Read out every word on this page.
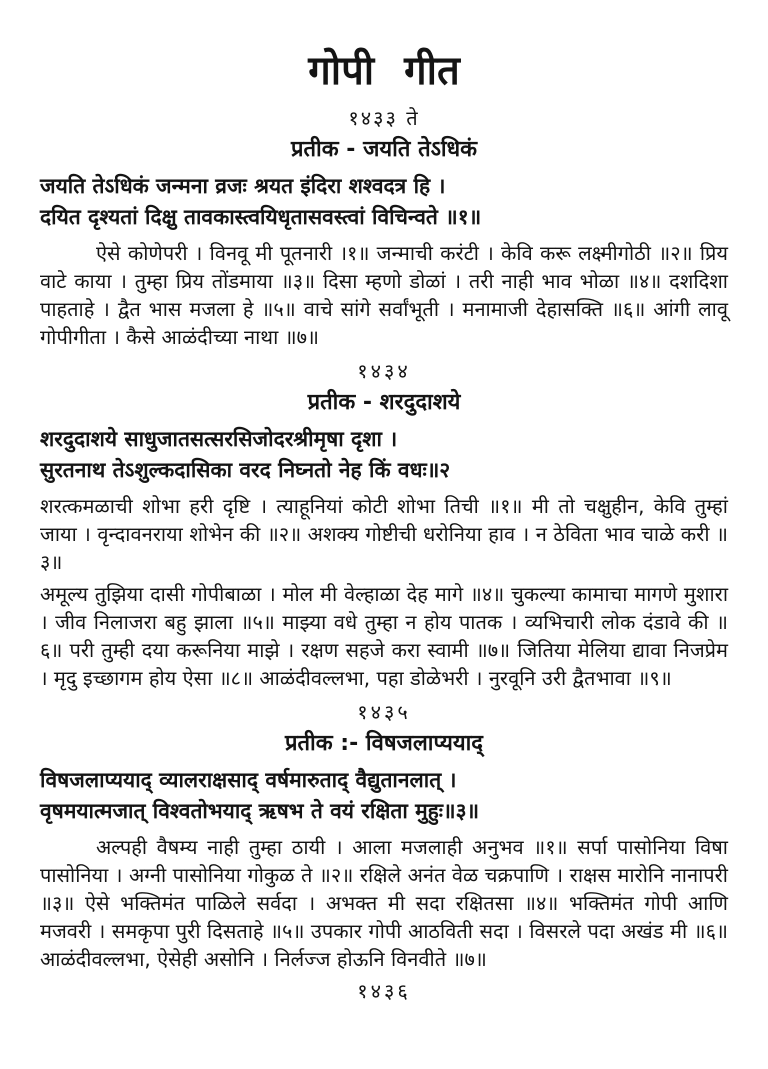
गोपी गीत
१४३३ ते
प्रतीक - जयति तेऽधिकं
जयति तेऽधिकं जन्मना व्रजः श्रयत इंदिरा शश्वदत्र हि ।
दयित दृश्यतां दिक्षु तावकास्त्वयिधृतासवस्त्वां विचिन्वते ॥१॥

ऐसे कोणेपरी । विनवू मी पूतनारी ।१॥ जन्माची करंटी । केवि करू लक्ष्मीगोठी ॥२॥ प्रिय वाटे काया । तुम्हा प्रिय तोंडमाया ॥३॥ दिसा म्हणो डोळां । तरी नाही भाव भोळा ॥४॥ दशदिशा पाहताहे । द्वैत भास मजला हे ॥५॥ वाचे सांगे सर्वांभूती । मनामाजी देहासक्ति ॥६॥ आंगी लावू गोपीगीता । कैसे आळंदीच्या नाथा ॥७॥

१४३४
प्रतीक - शरदुदाशये
शरदुदाशये साधुजातसत्सरसिजोदरश्रीमृषा दृशा ।
सुरतनाथ तेऽशुल्कदासिका वरद निघ्नतो नेह किं वधः॥२

शरत्कमळाची शोभा हरी दृष्टि । त्याहूनियां कोटी शोभा तिची ॥१॥ मी तो चक्षुहीन, केवि तुम्हां जाया । वृन्दावनराया शोभेन की ॥२॥ अशक्य गोष्टीची धरोनिया हाव । न ठेविता भाव चाळे करी ॥३॥

अमूल्य तुझिया दासी गोपीबाळा । मोल मी वेल्हाळा देह मागे ॥४॥ चुकल्या कामाचा मागणे मुशारा । जीव निलाजरा बहु झाला ॥५॥ माझ्या वधे तुम्हा न होय पातक । व्यभिचारी लोक दंडावे की ॥६॥ परी तुम्ही दया करूनिया माझे । रक्षण सहजे करा स्वामी ॥७॥ जितिया मेलिया द्यावा निजप्रेम । मृदु इच्छागम होय ऐसा ॥८॥ आळंदीवल्लभा, पहा डोळेभरी । नुरवूनि उरी द्वैतभावा ॥९॥

१४३५
प्रतीक :- विषजलाप्ययाद्
विषजलाप्ययाद् व्यालराक्षसाद् वर्षमारुताद् वैद्युतानलात् ।
वृषमयात्मजात् विश्वतोभयाद् ऋषभ ते वयं रक्षिता मुहुः॥३॥

अल्पही वैषम्य नाही तुम्हा ठायी । आला मजलाही अनुभव ॥१॥ सर्पा पासोनिया विषा पासोनिया । अग्नी पासोनिया गोकुळ ते ॥२॥ रक्षिले अनंत वेळ चक्रपाणि । राक्षस मारोनि नानापरी ॥३॥ ऐसे भक्तिमंत पाळिले सर्वदा । अभक्त मी सदा रक्षितसा ॥४॥ भक्तिमंत गोपी आणि मजवरी । समकृपा पुरी दिसताहे ॥५॥ उपकार गोपी आठविती सदा । विसरले पदा अखंड मी ॥६॥ आळंदीवल्लभा, ऐसेही असोनि । निर्लज्ज होऊनि विनवीते ॥७॥

१४३६
